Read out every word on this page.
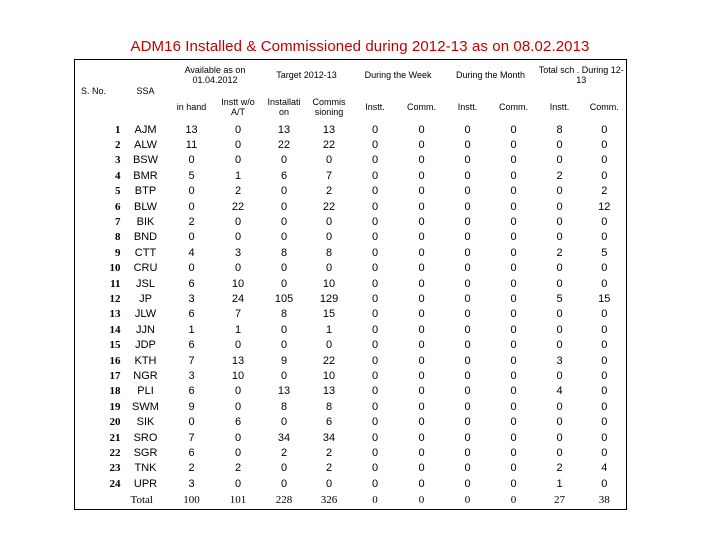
ADM16 Installed & Commissioned during 2012-13 as on 08.02.2013
S. No.	SSA	Available as on 01.04.2012		Target 2012-13		During the Week		During the Month		Total sch . During 12-13	
		in hand	Instt w/o A/T	Installati on	Commis sioning	Instt.	Comm.	Instt.	Comm.	Instt.	Comm.
1	AJM	13	0	13	13	0	0	0	0	8	0
2	ALW	11	0	22	22	0	0	0	0	0	0
3	BSW	0	0	0	0	0	0	0	0	0	0
4	BMR	5	1	6	7	0	0	0	0	2	0
5	BTP	0	2	0	2	0	0	0	0	0	2
6	BLW	0	22	0	22	0	0	0	0	0	12
7	BIK	2	0	0	0	0	0	0	0	0	0
8	BND	0	0	0	0	0	0	0	0	0	0
9	CTT	4	3	8	8	0	0	0	0	2	5
10	CRU	0	0	0	0	0	0	0	0	0	0
11	JSL	6	10	0	10	0	0	0	0	0	0
12	JP	3	24	105	129	0	0	0	0	5	15
13	JLW	6	7	8	15	0	0	0	0	0	0
14	JJN	1	1	0	1	0	0	0	0	0	0
15	JDP	6	0	0	0	0	0	0	0	0	0
16	KTH	7	13	9	22	0	0	0	0	3	0
17	NGR	3	10	0	10	0	0	0	0	0	0
18	PLI	6	0	13	13	0	0	0	0	4	0
19	SWM	9	0	8	8	0	0	0	0	0	0
20	SIK	0	6	0	6	0	0	0	0	0	0
21	SRO	7	0	34	34	0	0	0	0	0	0
22	SGR	6	0	2	2	0	0	0	0	0	0
23	TNK	2	2	0	2	0	0	0	0	2	4
24	UPR	3	0	0	0	0	0	0	0	1	0
	Total	100	101	228	326	0	0	0	0	27	38
